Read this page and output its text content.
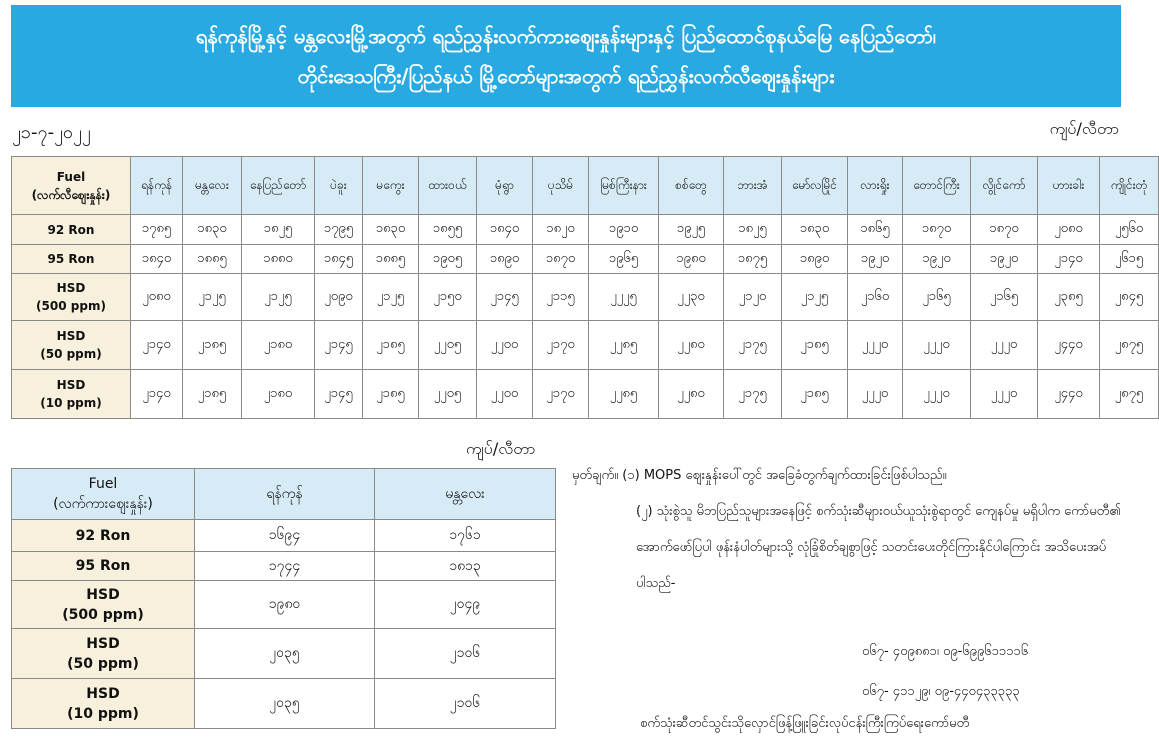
ရန်ကုန်မြို့နှင့် မန္တလေးမြို့အတွက် ရည်ညွှန်းလက်ကားဈေးနှုန်းများနှင့် ပြည်ထောင်စုနယ်မြေ နေပြည်တော်၊
တိုင်းဒေသကြီး/ပြည်နယ် မြို့တော်များအတွက် ရည်ညွှန်းလက်လီဈေးနှုန်းများ
၂၁-၇-၂၀၂၂	ကျပ်/လီတာ
Fuel
(လက်လီဈေးနှုန်း)	ရန်ကုန်	မန္တလေး	နေပြည်တော်	ပဲခူး	မကွေး	ထားဝယ်	မုံရွာ	ပုသိမ်	မြစ်ကြီးနား	စစ်တွေ	ဘားအံ	မော်လမြိုင်	လားရှိုး	တောင်ကြီး	လွိုင်ကော်	ဟားခါး	ကျိုင်းတုံ

92 Ron	၁၇၈၅	၁၈၃၀	၁၈၂၅	၁၇၉၅	၁၈၃၀	၁၈၅၅	၁၈၄၀	၁၈၂၀	၁၉၁၀	၁၉၂၅	၁၈၂၅	၁၈၃၀	၁၈၆၅	၁၈၇၀	၁၈၇၀	၂၀၈၀	၂၅၆၀

95 Ron	၁၈၄၀	၁၈၈၅	၁၈၈၀	၁၈၄၅	၁၈၈၅	၁၉၀၅	၁၈၉၀	၁၈၇၀	၁၉၆၅	၁၉၈၀	၁၈၇၅	၁၈၉၀	၁၉၂၀	၁၉၂၀	၁၉၂၀	၂၁၄၀	၂၆၁၅

HSD
(500 ppm)	၂၀၈၀	၂၁၂၅	၂၁၂၅	၂၀၉၀	၂၁၂၅	၂၁၅၀	၂၁၄၅	၂၁၁၅	၂၂၂၅	၂၂၃၀	၂၁၂၀	၂၁၂၅	၂၁၆၀	၂၁၆၅	၂၁၆၅	၂၃၈၅	၂၈၄၅

HSD
(50 ppm)	၂၁၄၀	၂၁၈၅	၂၁၈၀	၂၁၄၅	၂၁၈၅	၂၂၀၅	၂၂၀၀	၂၁၇၀	၂၂၈၅	၂၂၈၀	၂၁၇၅	၂၁၈၅	၂၂၂၀	၂၂၂၀	၂၂၂၀	၂၄၄၀	၂၈၇၅

HSD
(10 ppm)	၂၁၄၀	၂၁၈၅	၂၁၈၀	၂၁၄၅	၂၁၈၅	၂၂၀၅	၂၂၀၀	၂၁၇၀	၂၂၈၅	၂၂၈၀	၂၁၇၅	၂၁၈၅	၂၂၂၀	၂၂၂၀	၂၂၂၀	၂၄၄၀	၂၈၇၅
ကျပ်/လီတာ
Fuel
(လက်ကားဈေးနှုန်း)	ရန်ကုန်	မန္တလေး

92 Ron	၁၆၉၄	၁၇၆၁

95 Ron	၁၇၄၄	၁၈၁၃

HSD
(500 ppm)	၁၉၈၀	၂၀၄၉

HSD
(50 ppm)	၂၀၃၅	၂၁၀၆

HSD
(10 ppm)	၂၀၃၅	၂၁၀၆
မှတ်ချက်။ (၁) MOPS ဈေးနှုန်းပေါ်တွင် အခြေခံတွက်ချက်ထားခြင်းဖြစ်ပါသည်။
(၂) သုံးစွဲသူ မိဘပြည်သူများအနေဖြင့် စက်သုံးဆီများဝယ်ယူသုံးစွဲရာတွင် ကျေနပ်မှု မရှိပါက ကော်မတီ၏ အောက်ဖော်ပြပါ ဖုန်းနံပါတ်များသို့ လုံခြုံစိတ်ချစွာဖြင့် သတင်းပေးတိုင်ကြားနိုင်ပါကြောင်း အသိပေးအပ်ပါသည်-
၀၆၇- ၄၀၉၈၈၁၊ ၀၉-၆၉၉၆၁၁၁၁၆
၀၆၇- ၄၁၁၂၉၊ ၀၉-၄၄၀၄၃၃၃၃၃
စက်သုံးဆီတင်သွင်းသိုလှောင်ဖြန့်ဖြူးခြင်းလုပ်ငန်းကြီးကြပ်ရေးကော်မတီ
